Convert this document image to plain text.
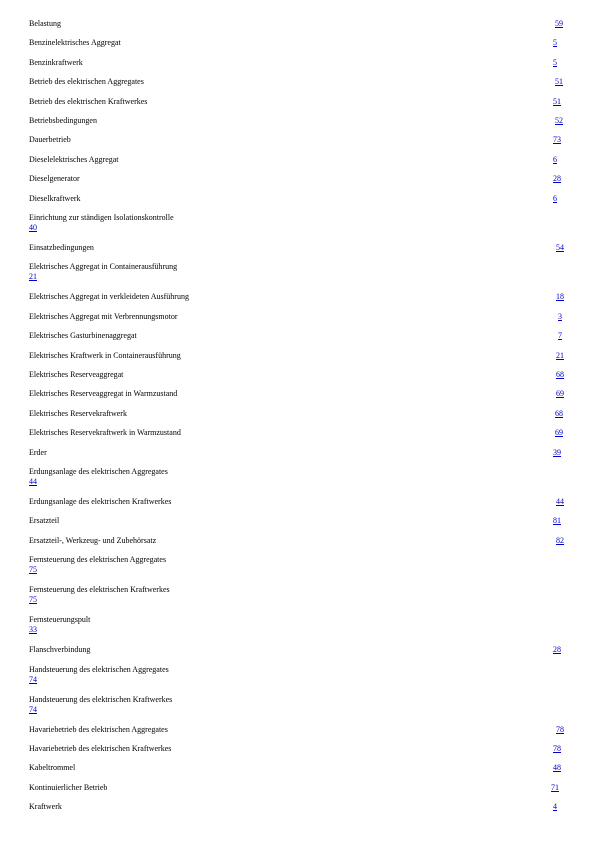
Belastung	59
Benzinelektrisches Aggregat	5
Benzinkraftwerk	5
Betrieb des elektrischen Aggregates	51
Betrieb des elektrischen Kraftwerkes	51
Betriebsbedingungen	52
Dauerbetrieb	73
Dieselelektrisches Aggregat	6
Dieselgenerator	28
Dieselkraftwerk	6
Einrichtung zur ständigen Isolationskontrolle
40
Einsatzbedingungen	54
Elektrisches Aggregat in Containerausführung
21
Elektrisches Aggregat in verkleideten Ausführung	18
Elektrisches Aggregat mit Verbrennungsmotor	3
Elektrisches Gasturbinenaggregat	7
Elektrisches Kraftwerk in Containerausführung	21
Elektrisches Reserveaggregat	68
Elektrisches Reserveaggregat in Warmzustand	69
Elektrisches Reservekraftwerk	68
Elektrisches Reservekraftwerk in Warmzustand	69
Erder	39
Erdungsanlage des elektrischen Aggregates
44
Erdungsanlage des elektrischen Kraftwerkes	44
Ersatzteil	81
Ersatzteil-, Werkzeug- und Zubehörsatz	82
Fernsteuerung des elektrischen Aggregates
75
Fernsteuerung des elektrischen Kraftwerkes
75
Fernsteuerungspult
33
Flanschverbindung	28
Handsteuerung des elektrischen Aggregates
74
Handsteuerung des elektrischen Kraftwerkes
74
Havariebetrieb des elektrischen Aggregates	78
Havariebetrieb des elektrischen Kraftwerkes	78
Kabeltrommel	48
Kontinuierlicher Betrieb	71
Kraftwerk	4
